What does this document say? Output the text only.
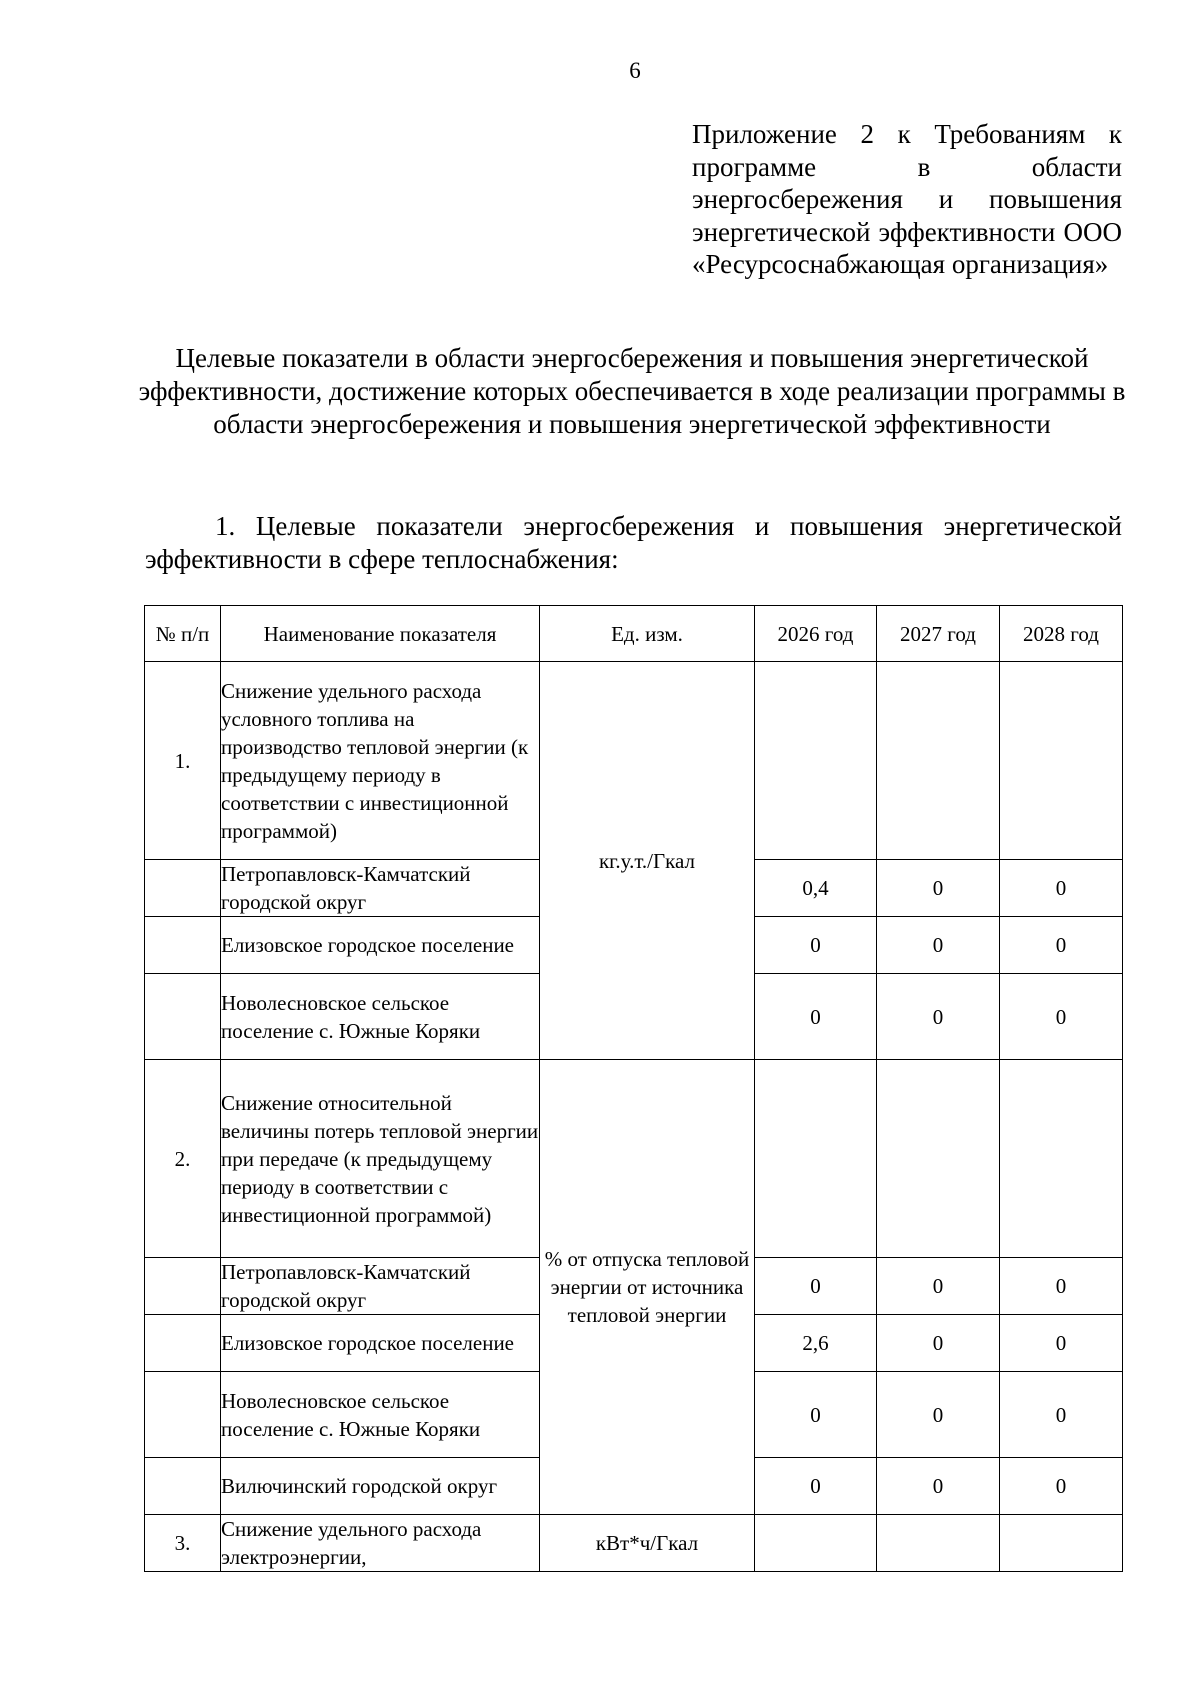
6
Приложение 2 к Требованиям к программе в области энергосбережения и повышения энергетической эффективности ООО «Ресурсоснабжающая организация»
Целевые показатели в области энергосбережения и повышения энергетической эффективности, достижение которых обеспечивается в ходе реализации программы в области энергосбережения и повышения энергетической эффективности
1. Целевые показатели энергосбережения и повышения энергетической эффективности в сфере теплоснабжения:
№ п/п	Наименование показателя	Ед. изм.	2026 год	2027 год	2028 год
1.	Снижение удельного расхода условного топлива на производство тепловой энергии (к предыдущему периоду в соответствии с инвестиционной программой)	кг.у.т./Гкал			
	Петропавловск-Камчатский городской округ		0,4	0	0
	Елизовское городское поселение		0	0	0
	Новолесновское сельское поселение с. Южные Коряки		0	0	0
2.	Снижение относительной величины потерь тепловой энергии при передаче (к предыдущему периоду в соответствии с инвестиционной программой)	% от отпуска тепловой энергии от источника тепловой энергии			
	Петропавловск-Камчатский городской округ		0	0	0
	Елизовское городское поселение		2,6	0	0
	Новолесновское сельское поселение с. Южные Коряки		0	0	0
	Вилючинский городской округ		0	0	0
3.	Снижение удельного расхода электроэнергии,	кВт*ч/Гкал			
